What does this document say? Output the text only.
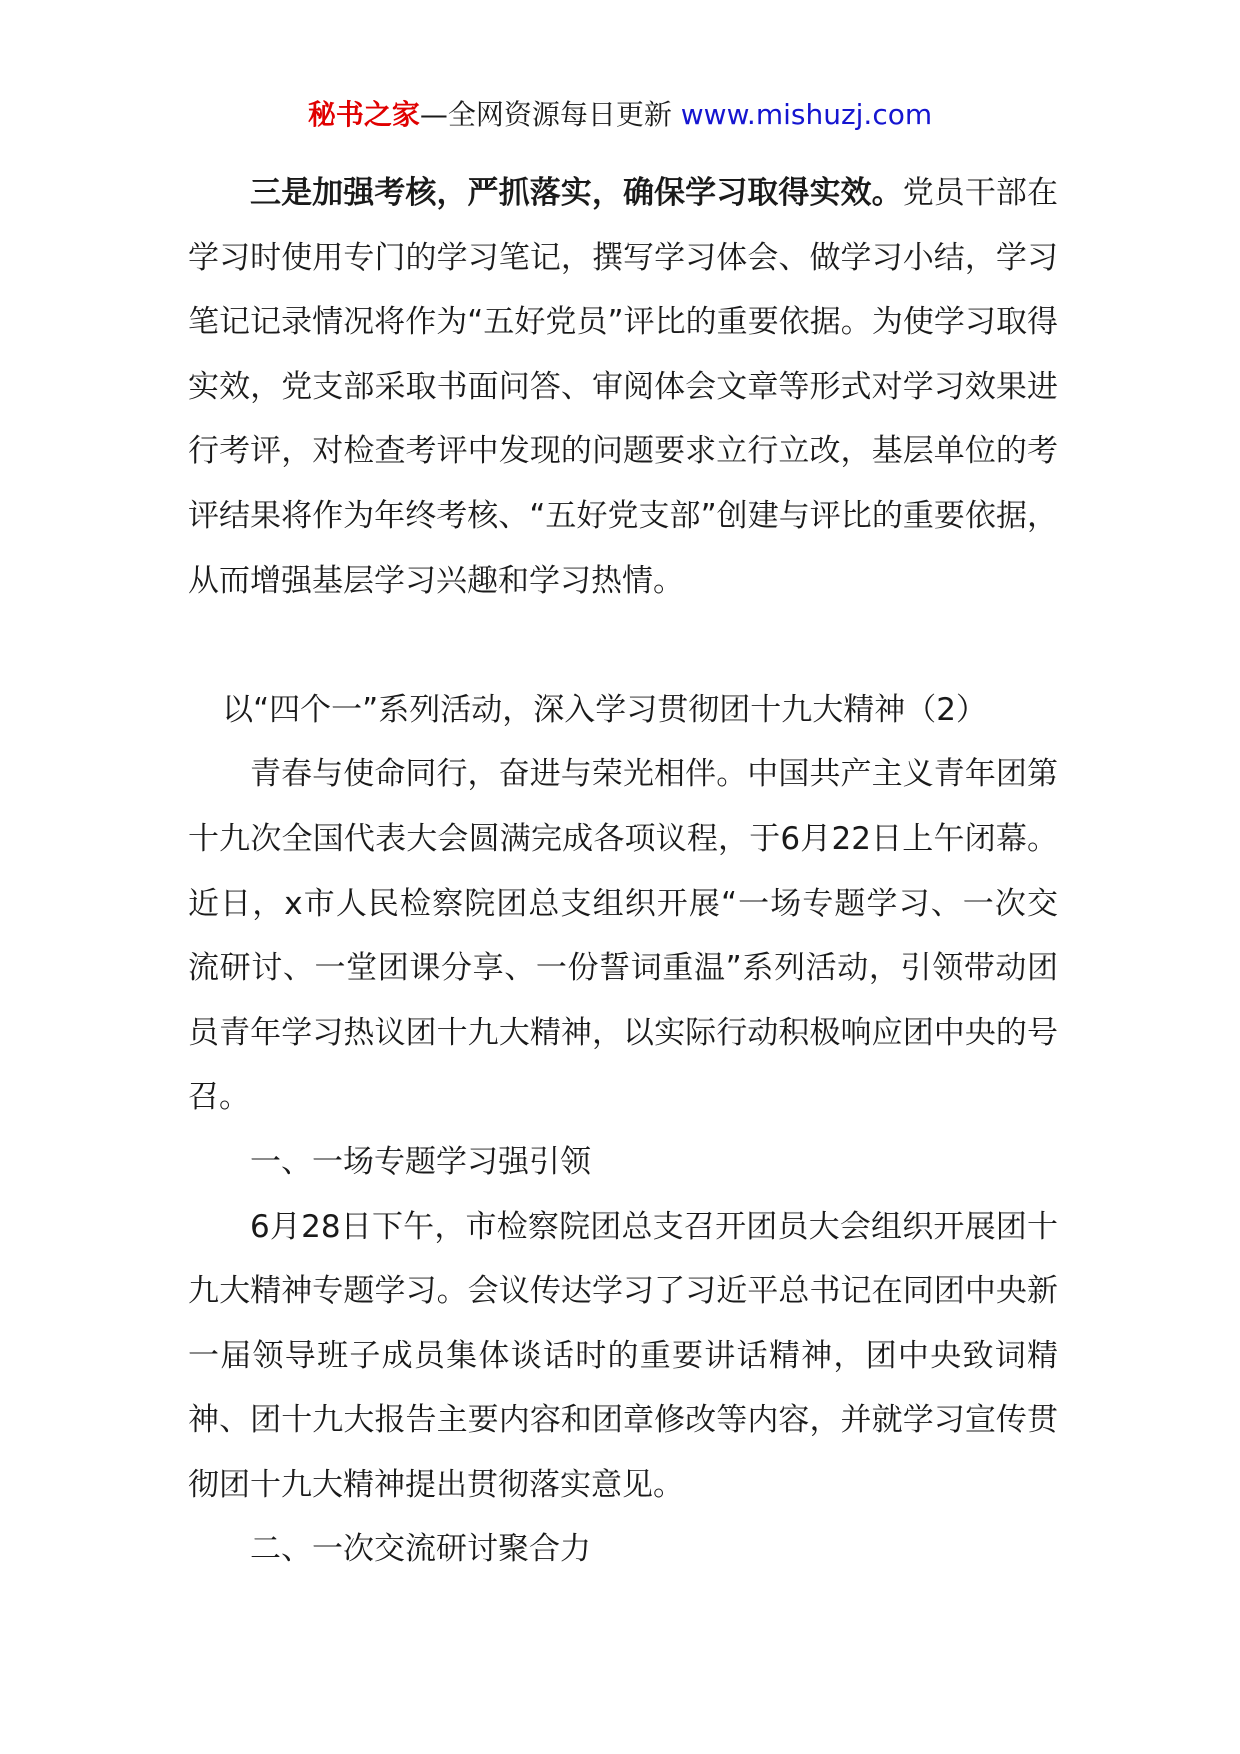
秘书之家—全网资源每日更新 www.mishuzj.com

三是加强考核，严抓落实，确保学习取得实效。党员干部在学习时使用专门的学习笔记，撰写学习体会、做学习小结，学习笔记记录情况将作为“五好党员”评比的重要依据。为使学习取得实效，党支部采取书面问答、审阅体会文章等形式对学习效果进行考评，对检查考评中发现的问题要求立行立改，基层单位的考评结果将作为年终考核、“五好党支部”创建与评比的重要依据，从而增强基层学习兴趣和学习热情。

以“四个一”系列活动，深入学习贯彻团十九大精神（2）

青春与使命同行，奋进与荣光相伴。中国共产主义青年团第十九次全国代表大会圆满完成各项议程，于6月22日上午闭幕。近日，x市人民检察院团总支组织开展“一场专题学习、一次交流研讨、一堂团课分享、一份誓词重温”系列活动，引领带动团员青年学习热议团十九大精神，以实际行动积极响应团中央的号召。

一、一场专题学习强引领

6月28日下午，市检察院团总支召开团员大会组织开展团十九大精神专题学习。会议传达学习了习近平总书记在同团中央新一届领导班子成员集体谈话时的重要讲话精神，团中央致词精神、团十九大报告主要内容和团章修改等内容，并就学习宣传贯彻团十九大精神提出贯彻落实意见。

二、一次交流研讨聚合力
